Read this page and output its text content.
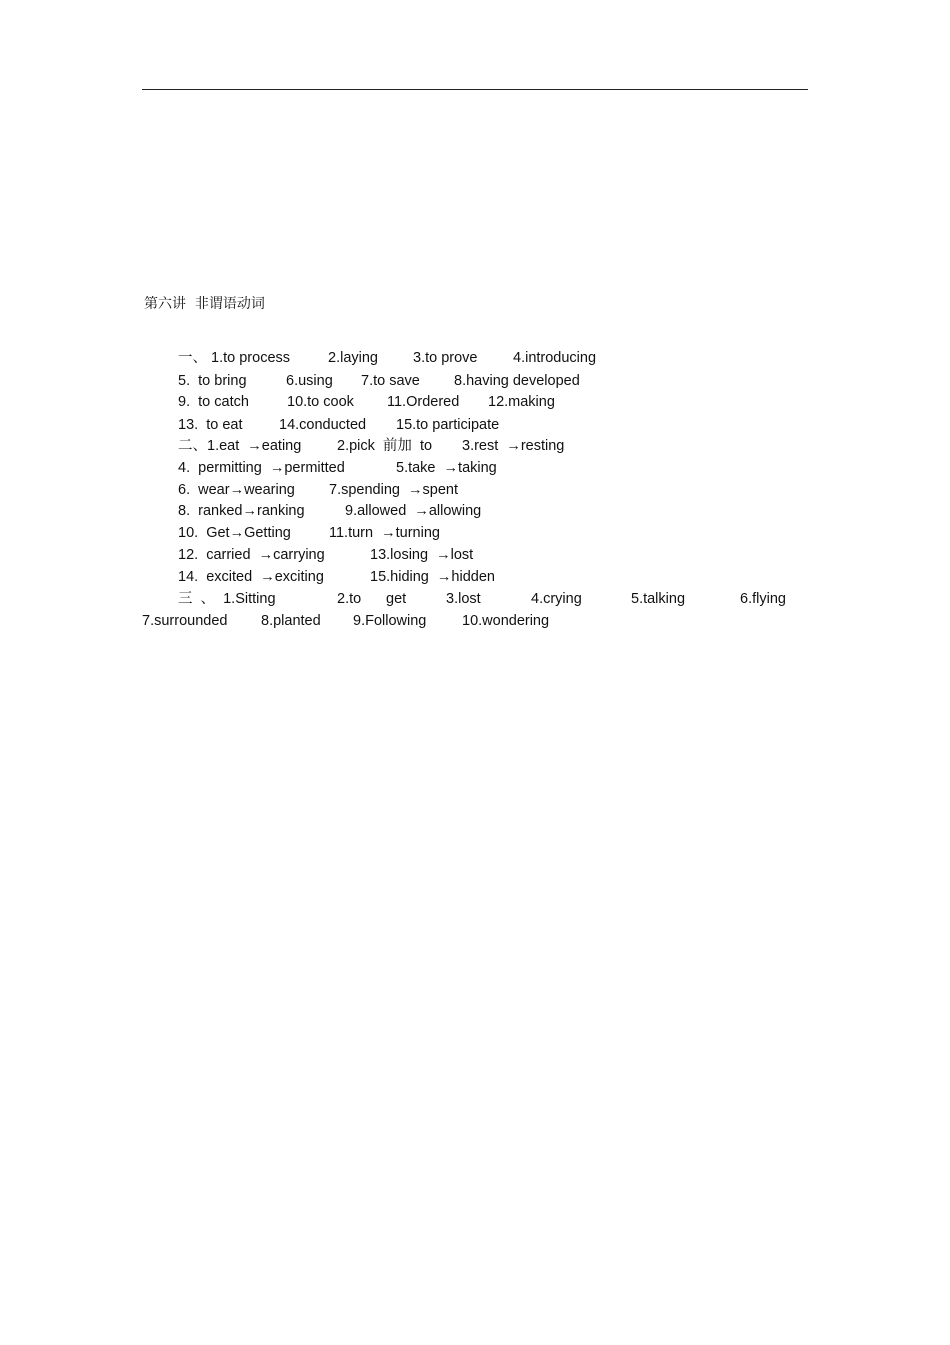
第六讲  非谓语动词
一、 1.to process	2.laying 3.to prove 4.introducing
5.  to bring	6.using 7.to save 8.having developed
9.  to catch	10.to cook 11.Ordered 12.making
13.  to eat	14.conducted 15.to participate
二、1.eat  →eating 2.pick  前加  to 3.rest  →resting
4.  permitting  →permitted	5.take  →taking
6.  wear→wearing 7.spending  →spent
8.  ranked→ranking	9.allowed  →allowing
10.  Get→Getting	11.turn  →turning
12.  carried  →carrying	13.losing  →lost
14.  excited  →exciting	15.hiding  →hidden
三  、  1.Sitting	2.to get	3.lost	4.crying	5.talking	6.flying
7.surrounded 8.planted 9.Following 10.wondering
